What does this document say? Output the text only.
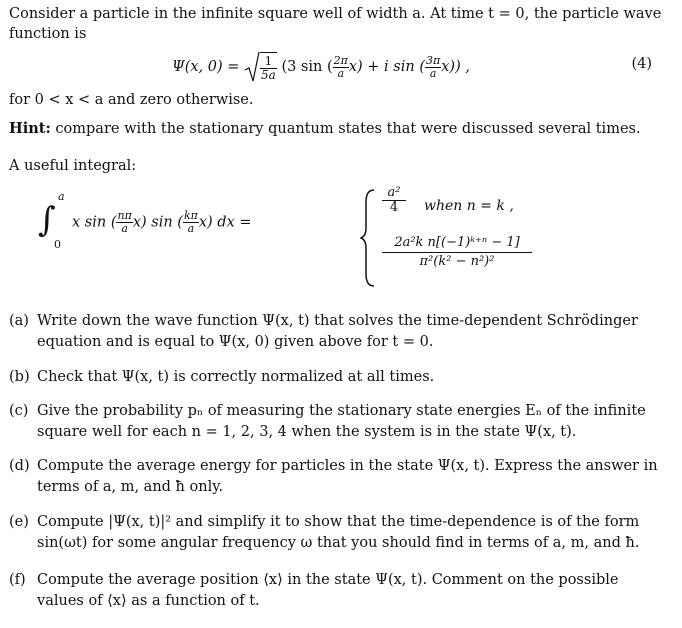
Consider a particle in the infinite square well of width a. At time t = 0, the particle wave
function is
Ψ(x, $0) = \frac{1}{5a} (3$ sin ( $\frac{2\pi}{a} x) + i$ sin ( $\frac{3\pi}{a} x$)) ,	(4)
for 0 < x < a and zero otherwise.
Hint: compare with the stationary quantum states that were discussed several times.
A useful integral:
∫
a
0
x sin ( $\frac{n\pi}{a} x$) sin ( $\frac{k\pi}{a} x$) dx =
$\frac{\text{a²}}{4}$ when n = k ,
$\frac{\text{2a²k n[(−1)ᵏ⁺ⁿ − 1]}}{\text{π²(k² − n²)²}}$
(a) Write down the wave function Ψ(x, t) that solves the time-dependent Schrödinger equation and is equal to Ψ(x, 0) given above for t = 0.
(b) Check that Ψ(x, t) is correctly normalized at all times.
(c) Give the probability pₙ of measuring the stationary state energies Eₙ of the infinite square well for each n = 1, 2, 3, 4 when the system is in the state Ψ(x, t).
(d) Compute the average energy for particles in the state Ψ(x, t). Express the answer in terms of a, m, and ħ only.
(e) Compute |Ψ(x, t)|² and simplify it to show that the time-dependence is of the form sin(ωt) for some angular frequency ω that you should find in terms of a, m, and ħ.
(f) Compute the average position ⟨x⟩ in the state Ψ(x, t). Comment on the possible values of ⟨x⟩ as a function of t.
